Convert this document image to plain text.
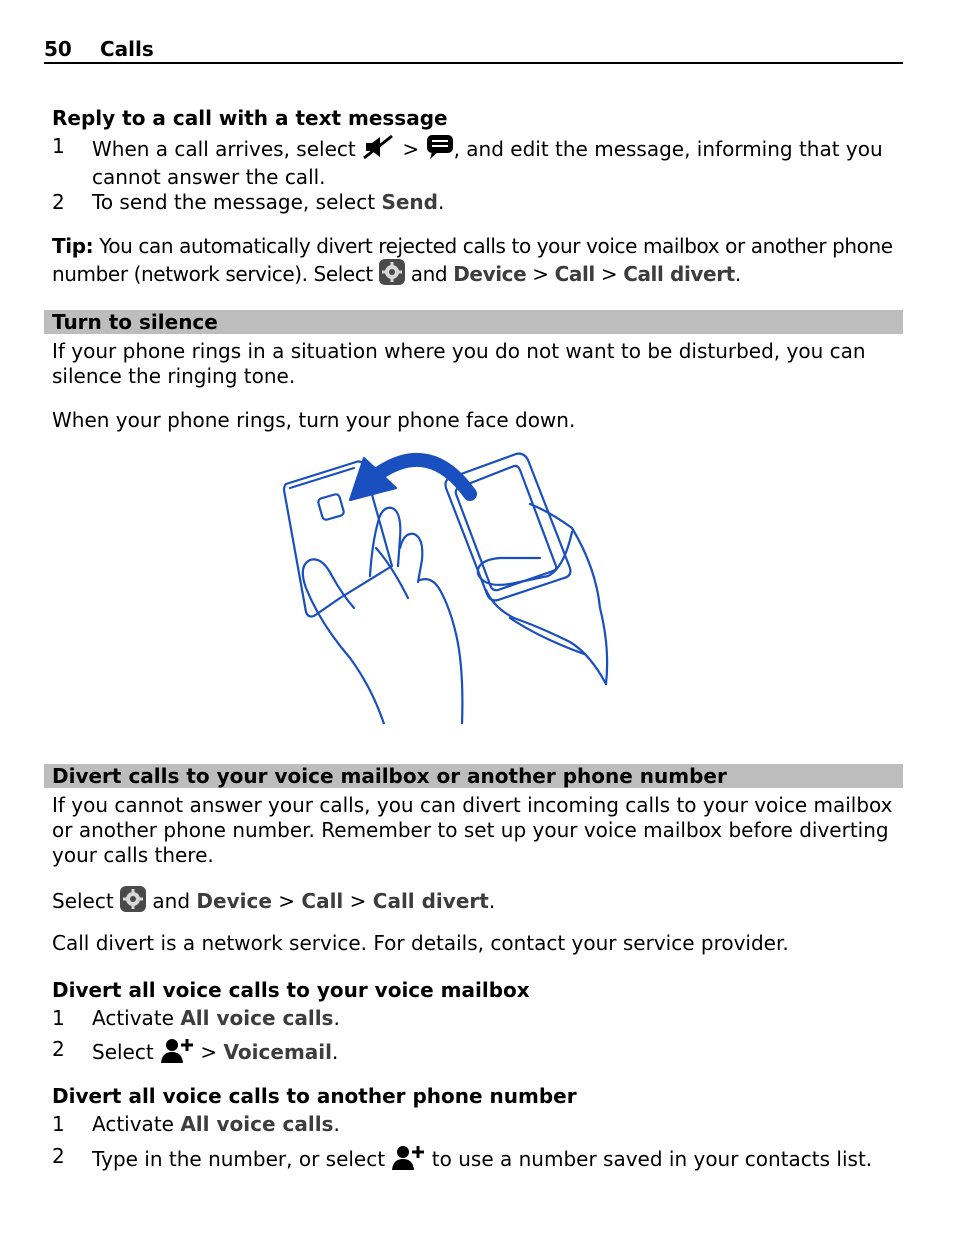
50 Calls
Reply to a call with a text message
1 When a call arrives, select > , and edit the message, informing that you cannot answer the call.
2 To send the message, select Send.
Tip: You can automatically divert rejected calls to your voice mailbox or another phone number (network service). Select and Device > Call > Call divert.
Turn to silence
If your phone rings in a situation where you do not want to be disturbed, you can silence the ringing tone.
When your phone rings, turn your phone face down.
Divert calls to your voice mailbox or another phone number
If you cannot answer your calls, you can divert incoming calls to your voice mailbox or another phone number. Remember to set up your voice mailbox before diverting your calls there.
Select and Device > Call > Call divert.
Call divert is a network service. For details, contact your service provider.
Divert all voice calls to your voice mailbox
1 Activate All voice calls.
2 Select > Voicemail.
Divert all voice calls to another phone number
1 Activate All voice calls.
2 Type in the number, or select to use a number saved in your contacts list.
